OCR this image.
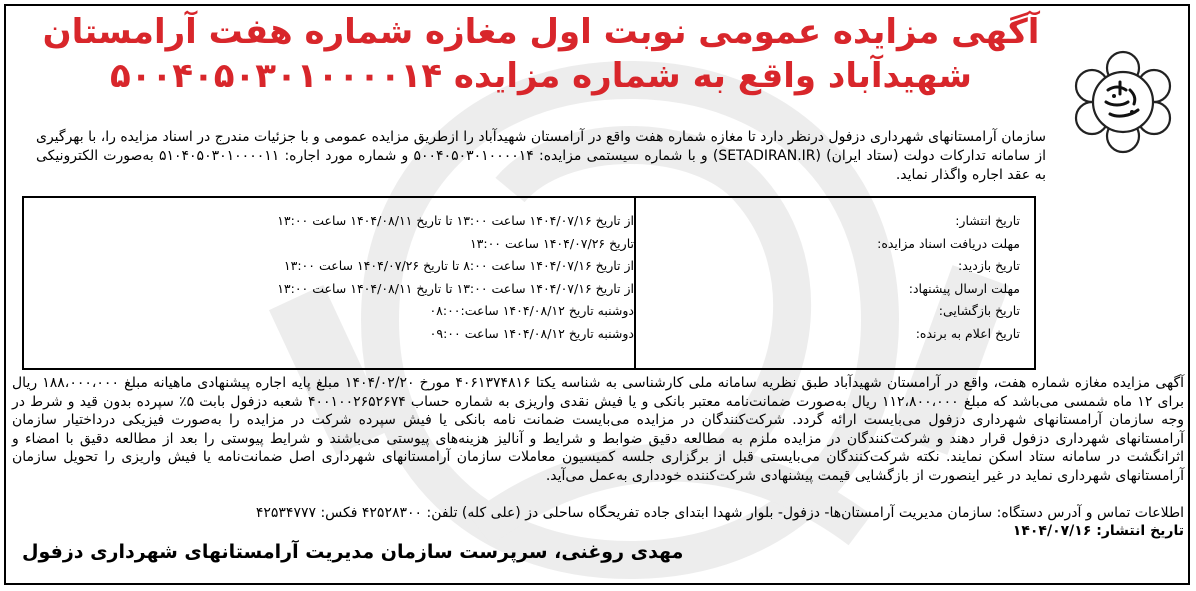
آگهی مزایده عمومی نوبت اول مغازه شماره هفت آرامستان شهیدآباد واقع به شماره مزایده ۵۰۰۴۰۵۰۳۰۱۰۰۰۰۱۴
سازمان آرامستانهای شهرداری دزفول درنظر دارد تا مغازه شماره هفت واقع در آرامستان شهیدآباد را ازطریق مزایده عمومی و با جزئیات مندرج در اسناد مزایده را، با بهرگیری از سامانه تدارکات دولت (ستاد ایران) (SETADIRAN.IR) و با شماره سیستمی مزایده: ۵۰۰۴۰۵۰۳۰۱۰۰۰۰۱۴ و شماره مورد اجاره: ۵۱۰۴۰۵۰۳۰۱۰۰۰۰۱۱ به‌صورت الکترونیکی به عقد اجاره واگذار نماید.
تاریخ انتشار:
مهلت دریافت اسناد مزایده:
تاریخ بازدید:
مهلت ارسال پیشنهاد:
تاریخ بازگشایی:
تاریخ اعلام به برنده:
از تاریخ ۱۴۰۴/۰۷/۱۶ ساعت ۱۳:۰۰ تا تاریخ ۱۴۰۴/۰۸/۱۱ ساعت ۱۳:۰۰
تاریخ ۱۴۰۴/۰۷/۲۶ ساعت ۱۳:۰۰
از تاریخ ۱۴۰۴/۰۷/۱۶ ساعت ۸:۰۰ تا تاریخ ۱۴۰۴/۰۷/۲۶ ساعت ۱۳:۰۰
از تاریخ ۱۴۰۴/۰۷/۱۶ ساعت ۱۳:۰۰ تا تاریخ ۱۴۰۴/۰۸/۱۱ ساعت ۱۳:۰۰
دوشنبه تاریخ ۱۴۰۴/۰۸/۱۲ ساعت:۰۸:۰۰
دوشنبه تاریخ ۱۴۰۴/۰۸/۱۲ ساعت ۰۹:۰۰
آگهی مزایده مغازه شماره هفت، واقع در آرامستان شهیدآباد طبق نظریه سامانه ملی کارشناسی به شناسه یکتا ۴۰۶۱۳۷۴۸۱۶ مورخ ۱۴۰۴/۰۲/۲۰ مبلغ پایه اجاره پیشنهادی ماهیانه مبلغ ۱۸۸،۰۰۰،۰۰۰ ریال برای ۱۲ ماه شمسی می‌باشد که مبلغ ۱۱۲،۸۰۰،۰۰۰ ریال به‌صورت ضمانت‌نامه معتبر بانکی و یا فیش نقدی واریزی به شماره حساب ۴۰۰۱۰۰۲۶۵۲۶۷۴ شعبه دزفول بابت ۵٪ سپرده بدون قید و شرط در وجه سازمان آرامستانهای شهرداری دزفول می‌بایست ارائه گردد. شرکت‌کنندگان در مزایده می‌بایست ضمانت نامه بانکی یا فیش سپرده شرکت در مزایده را به‌صورت فیزیکی درداختیار سازمان آرامستانهای شهرداری دزفول قرار دهند و شرکت‌کنندگان در مزایده ملزم به مطالعه دقیق ضوابط و شرایط و آنالیز هزینه‌های پیوستی می‌باشند و شرایط پیوستی را بعد از مطالعه دقیق با امضاء و اثرانگشت در سامانه ستاد اسکن نمایند. نکته شرکت‌کنندگان می‌بایستی قبل از برگزاری جلسه کمیسیون معاملات سازمان آرامستانهای شهرداری اصل ضمانت‌نامه یا فیش واریزی را تحویل سازمان آرامستانهای شهرداری نماید در غیر اینصورت از بازگشایی قیمت پیشنهادی شرکت‌کننده خودداری به‌عمل می‌آید.
اطلاعات تماس و آدرس دستگاه: سازمان مدیریت آرامستان‌ها- دزفول- بلوار شهدا ابتدای جاده تفریحگاه ساحلی دز (علی کله) تلفن: ۴۲۵۲۸۳۰۰ فکس: ۴۲۵۳۴۷۷۷
تاریخ انتشار: ۱۴۰۴/۰۷/۱۶
مهدی روغنی، سرپرست سازمان مدیریت آرامستانهای شهرداری دزفول
